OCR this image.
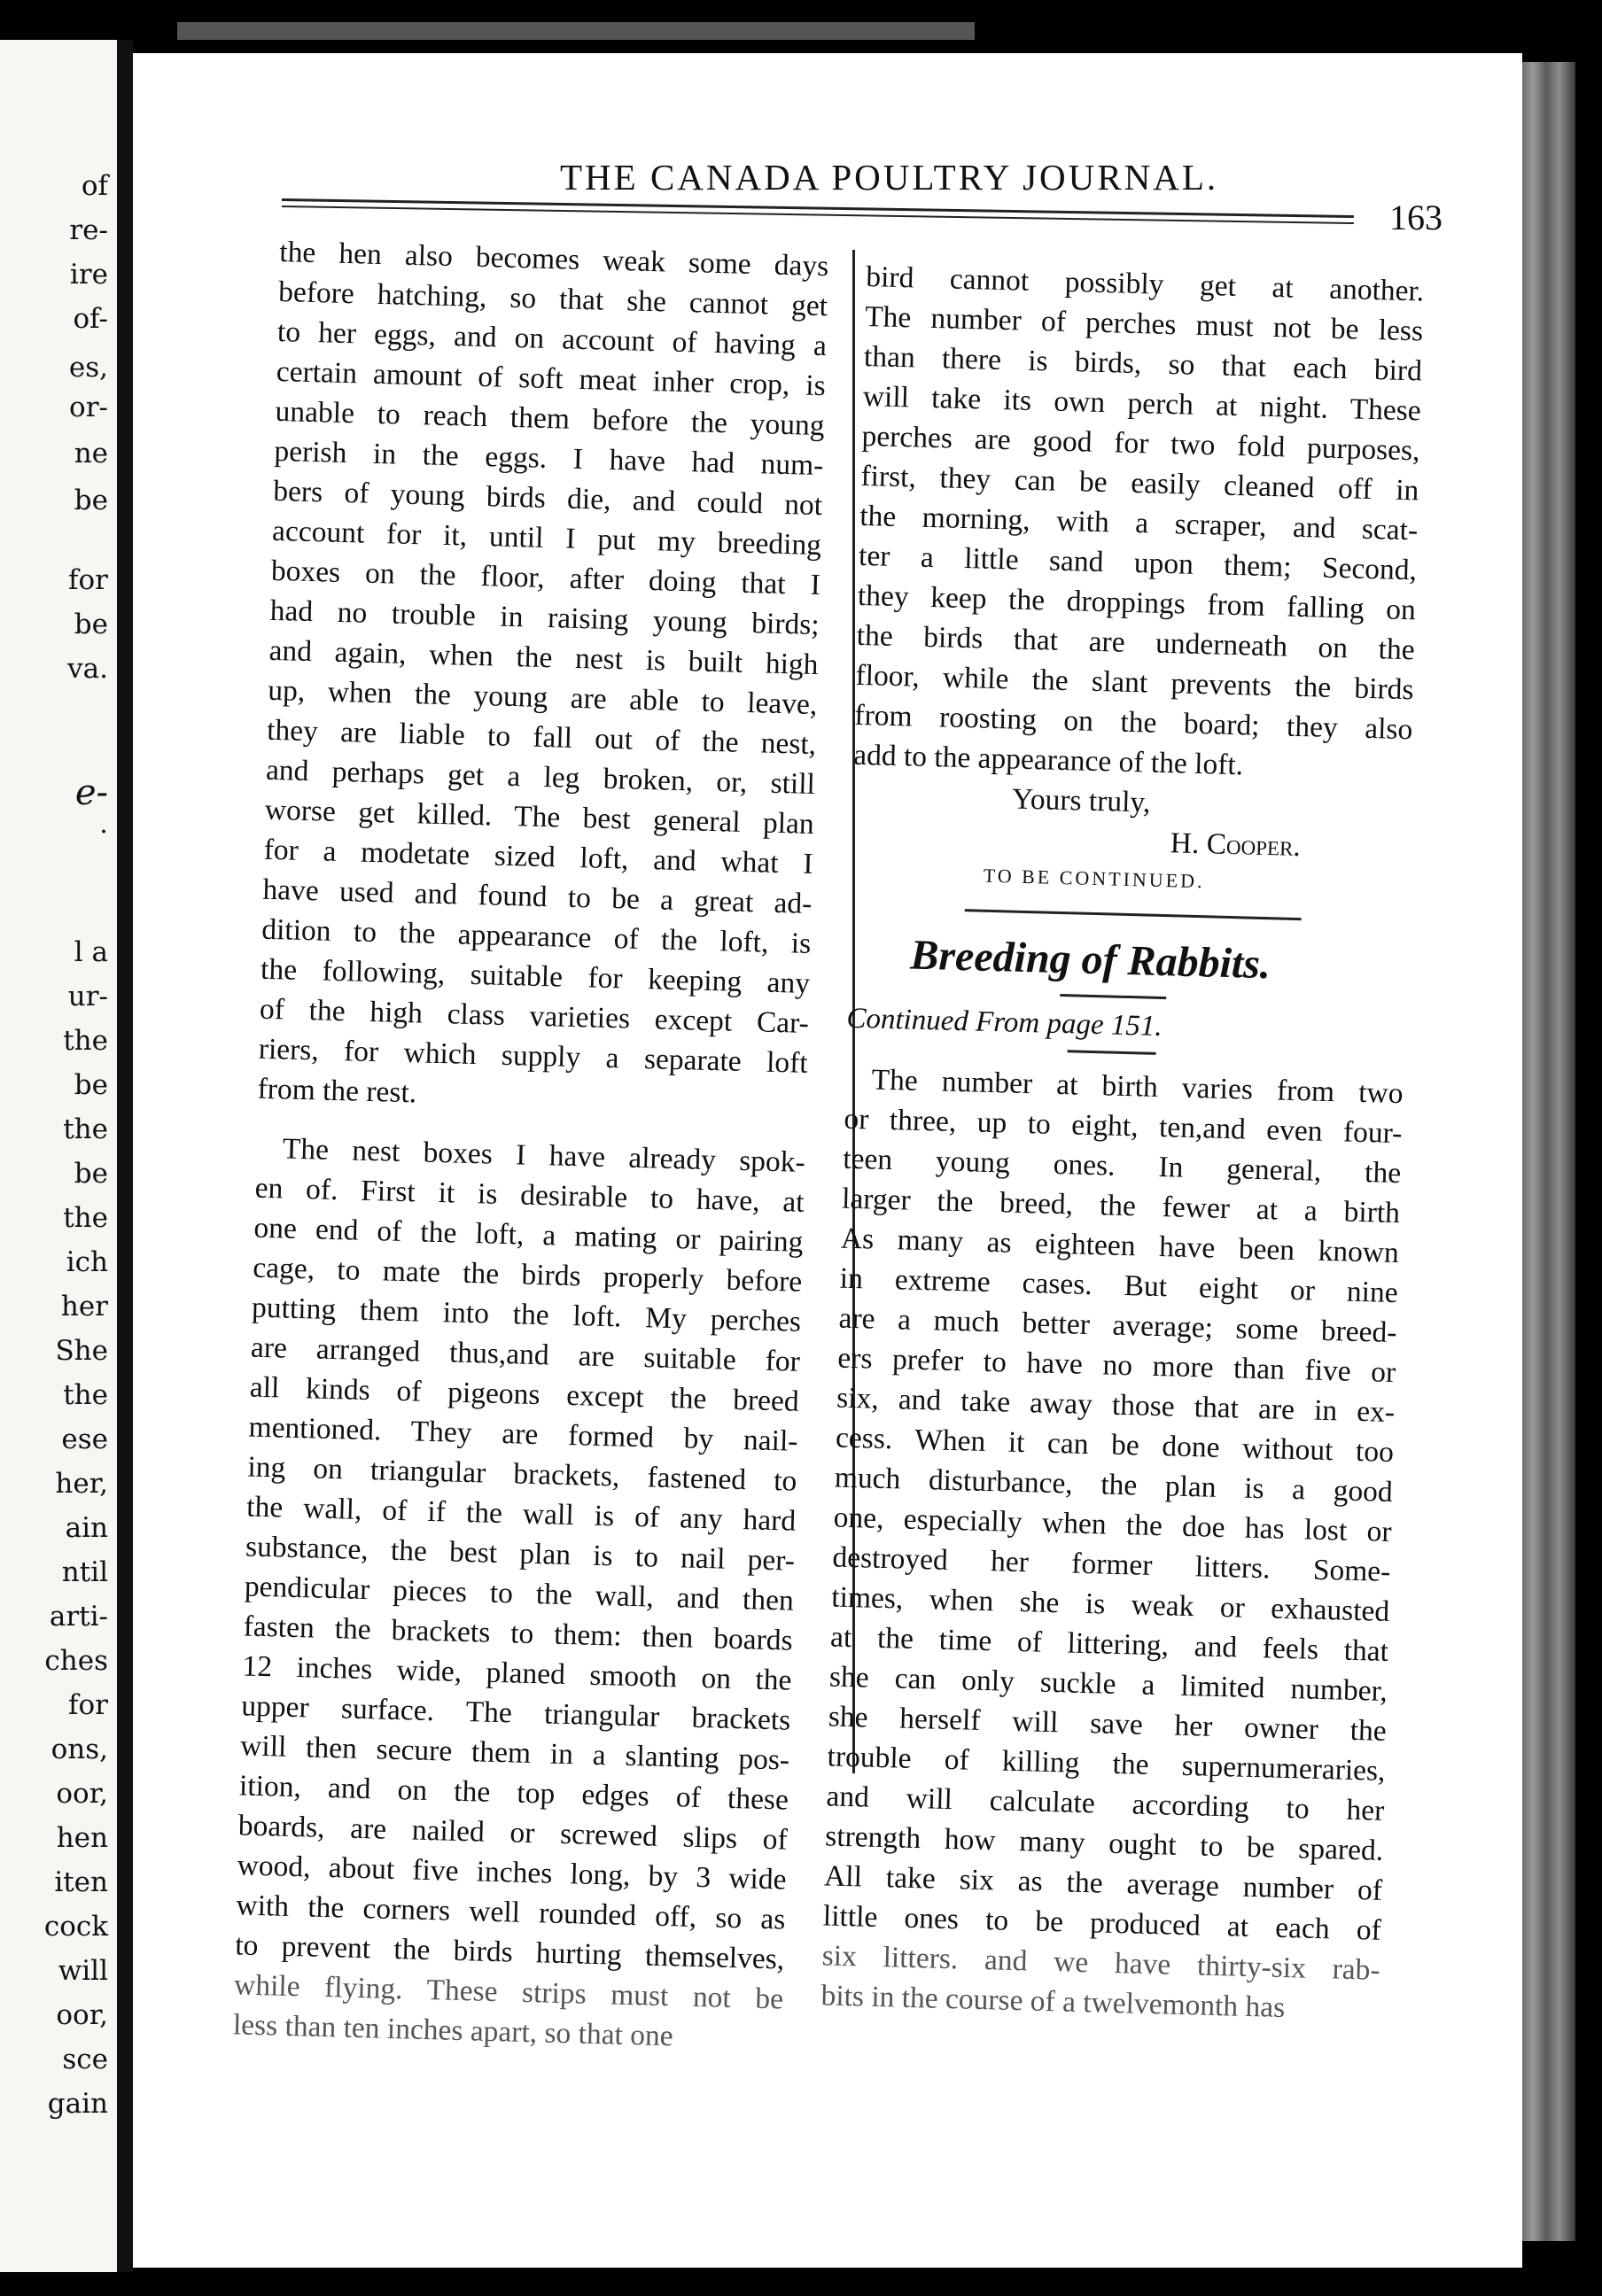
of
re-
ire
of-
es,
or-
ne
be
for
be
va.
e-
.
l a
ur-
the
be
the
be
the
ich
her
She
the
ese
her,
ain
ntil
arti-
ches
for
ons,
oor,
hen
iten
cock
will
oor,
sce
gain
THE CANADA POULTRY JOURNAL.
163
the hen also becomes weak some days
before hatching, so that she cannot get
to her eggs, and on account of having a
certain amount of soft meat inher crop, is
unable to reach them before the young
perish in the eggs. I have had num-
bers of young birds die, and could not
account for it, until I put my breeding
boxes on the floor, after doing that I
had no trouble in raising young birds;
and again, when the nest is built high
up, when the young are able to leave,
they are liable to fall out of the nest,
and perhaps get a leg broken, or, still
worse get killed. The best general plan
for a modetate sized loft, and what I
have used and found to be a great ad-
dition to the appearance of the loft, is
the following, suitable for keeping any
of the high class varieties except Car-
riers, for which supply a separate loft
from the rest.
The nest boxes I have already spok-
en of. First it is desirable to have, at
one end of the loft, a mating or pairing
cage, to mate the birds properly before
putting them into the loft. My perches
are arranged thus,and are suitable for
all kinds of pigeons except the breed
mentioned. They are formed by nail-
ing on triangular brackets, fastened to
the wall, of if the wall is of any hard
substance, the best plan is to nail per-
pendicular pieces to the wall, and then
fasten the brackets to them: then boards
12 inches wide, planed smooth on the
upper surface. The triangular brackets
will then secure them in a slanting pos-
ition, and on the top edges of these
boards, are nailed or screwed slips of
wood, about five inches long, by 3 wide
with the corners well rounded off, so as
to prevent the birds hurting themselves,
while flying. These strips must not be
less than ten inches apart, so that one
bird cannot possibly get at another.
The number of perches must not be less
than there is birds, so that each bird
will take its own perch at night. These
perches are good for two fold purposes,
first, they can be easily cleaned off in
the morning, with a scraper, and scat-
ter a little sand upon them; Second,
they keep the droppings from falling on
the birds that are underneath on the
floor, while the slant prevents the birds
from roosting on the board; they also
add to the appearance of the loft.
Yours truly,
H. Cooper.
TO BE CONTINUED.
Breeding of Rabbits.
Continued From page 151.
The number at birth varies from two
or three, up to eight, ten,and even four-
teen young ones. In general, the
larger the breed, the fewer at a birth
As many as eighteen have been known
in extreme cases. But eight or nine
are a much better average; some breed-
ers prefer to have no more than five or
six, and take away those that are in ex-
cess. When it can be done without too
much disturbance, the plan is a good
one, especially when the doe has lost or
destroyed her former litters. Some-
times, when she is weak or exhausted
at the time of littering, and feels that
she can only suckle a limited number,
she herself will save her owner the
trouble of killing the supernumeraries,
and will calculate according to her
strength how many ought to be spared.
All take six as the average number of
little ones to be produced at each of
six litters. and we have thirty-six rab-
bits in the course of a twelvemonth has
